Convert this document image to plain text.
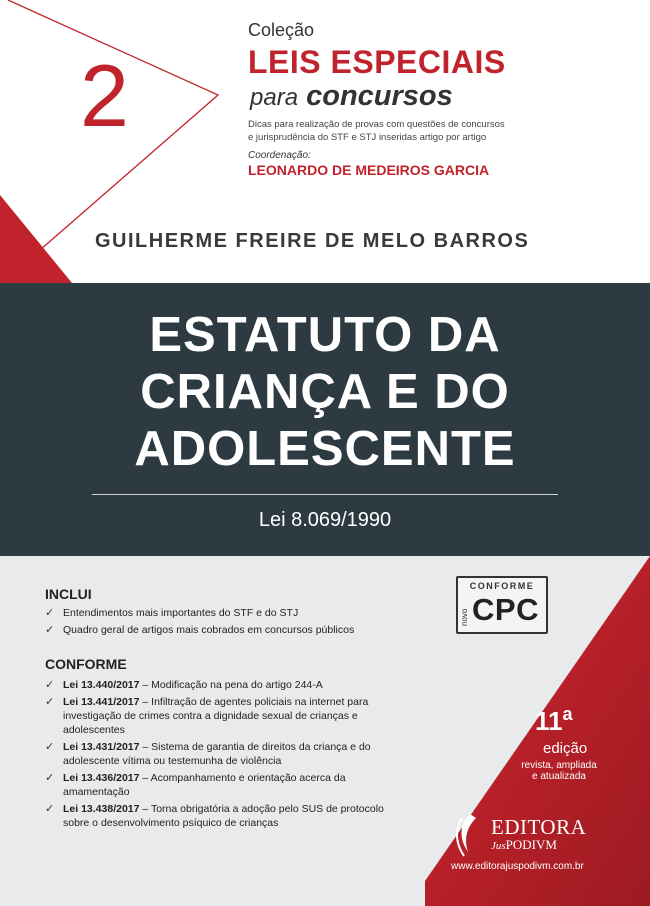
2
Coleção
LEIS ESPECIAIS
para concursos
Dicas para realização de provas com questões de concursos
e jurisprudência do STF e STJ inseridas artigo por artigo
Coordenação:
LEONARDO DE MEDEIROS GARCIA
GUILHERME FREIRE DE MELO BARROS
ESTATUTO DA
CRIANÇA E DO
ADOLESCENTE
Lei 8.069/1990
INCLUI
✓ Entendimentos mais importantes do STF e do STJ
✓ Quadro geral de artigos mais cobrados em concursos públicos
CONFORME
✓ Lei 13.440/2017 – Modificação na pena do artigo 244-A
✓ Lei 13.441/2017 – Infiltração de agentes policiais na internet para investigação de crimes contra a dignidade sexual de crianças e adolescentes
✓ Lei 13.431/2017 – Sistema de garantia de direitos da criança e do adolescente vítima ou testemunha de violência
✓ Lei 13.436/2017 – Acompanhamento e orientação acerca da amamentação
✓ Lei 13.438/2017 – Torna obrigatória a adoção pelo SUS de protocolo sobre o desenvolvimento psíquico de crianças
CONFORME
novo CPC
11$^a$
edição
revista, ampliada
e atualizada
EDITORA
JusPODIVM
www.editorajuspodivm.com.br
